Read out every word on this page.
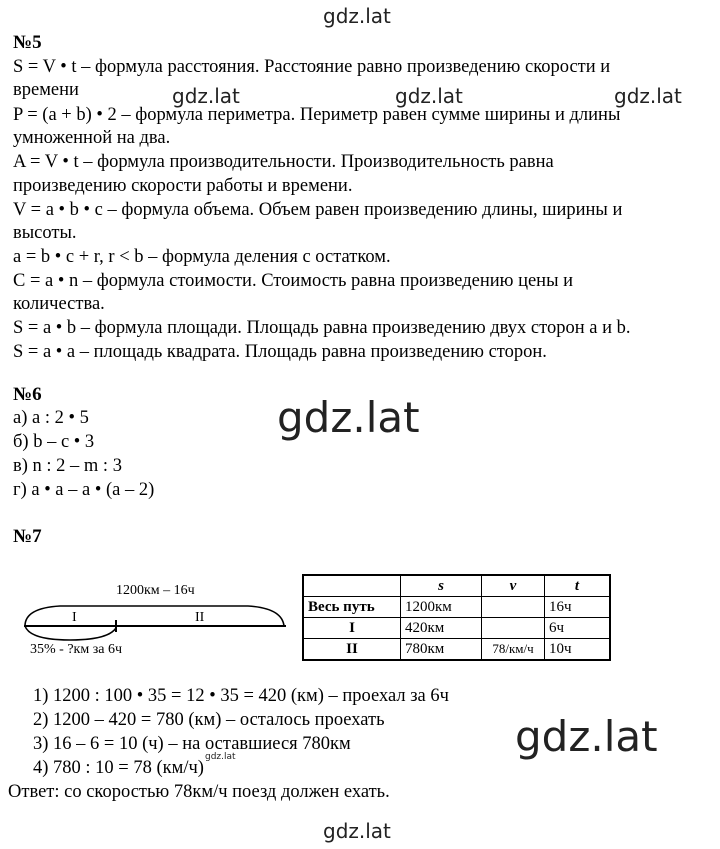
gdz.lat
gdz.lat	gdz.lat	gdz.lat
gdz.lat
gdz.lat
gdz.lat
gdz.lat
№5
S = V • t – формула расстояния. Расстояние равно произведению скорости и
времени
P = (a + b) • 2 – формула периметра. Периметр равен сумме ширины и длины
умноженной на два.
A = V • t – формула производительности. Производительность равна
произведению скорости работы и времени.
V = a • b • c – формула объема. Объем равен произведению длины, ширины и
высоты.
a = b • c + r, r < b – формула деления с остатком.
C = a • n – формула стоимости. Стоимость равна произведению цены и
количества.
S = a • b – формула площади. Площадь равна произведению двух сторон a и b.
S = a • a – площадь квадрата. Площадь равна произведению сторон.
№6
а) a : 2 • 5
б) b – c • 3
в) n : 2 – m : 3
г) a • a – a • (a – 2)
№7
1200км – 16ч
I	II
35% - ?км за 6ч
	s	v	t
Весь путь	1200км		16ч
I	420км		6ч
II	780км	78/км/ч	10ч
1) 1200 : 100 • 35 = 12 • 35 = 420 (км) – проехал за 6ч
2) 1200 – 420 = 780 (км) – осталось проехать
3) 16 – 6 = 10 (ч) – на оставшиеся 780км
4) 780 : 10 = 78 (км/ч)
Ответ: со скоростью 78км/ч поезд должен ехать.
